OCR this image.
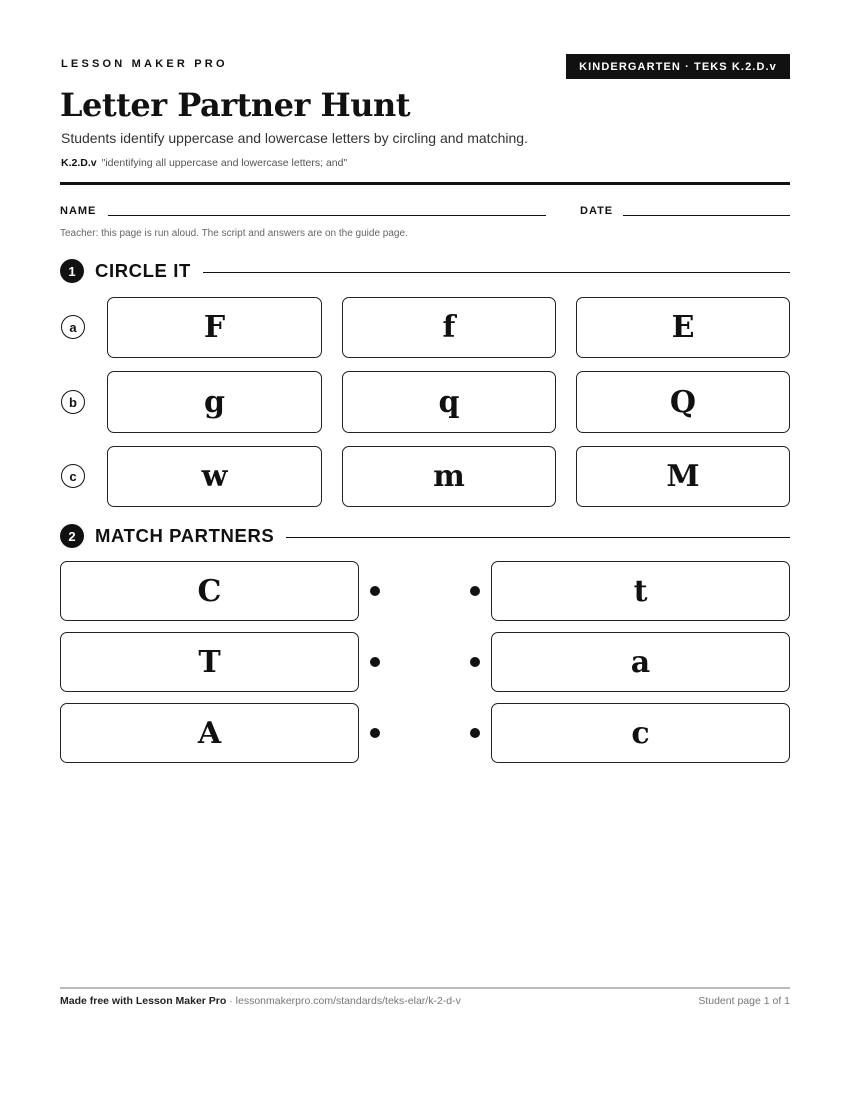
LESSON MAKER PRO	KINDERGARTEN · TEKS K.2.D.v
Letter Partner Hunt
Students identify uppercase and lowercase letters by circling and matching.
K.2.D.v "identifying all uppercase and lowercase letters; and"
NAME	DATE
Teacher: this page is run aloud. The script and answers are on the guide page.
1	CIRCLE IT
a	F	f	E
b	g	q	Q
c	w	m	M
2	MATCH PARTNERS
C	t
T	a
A	c
Made free with Lesson Maker Pro · lessonmakerpro.com/standards/teks-elar/k-2-d-v	Student page 1 of 1
